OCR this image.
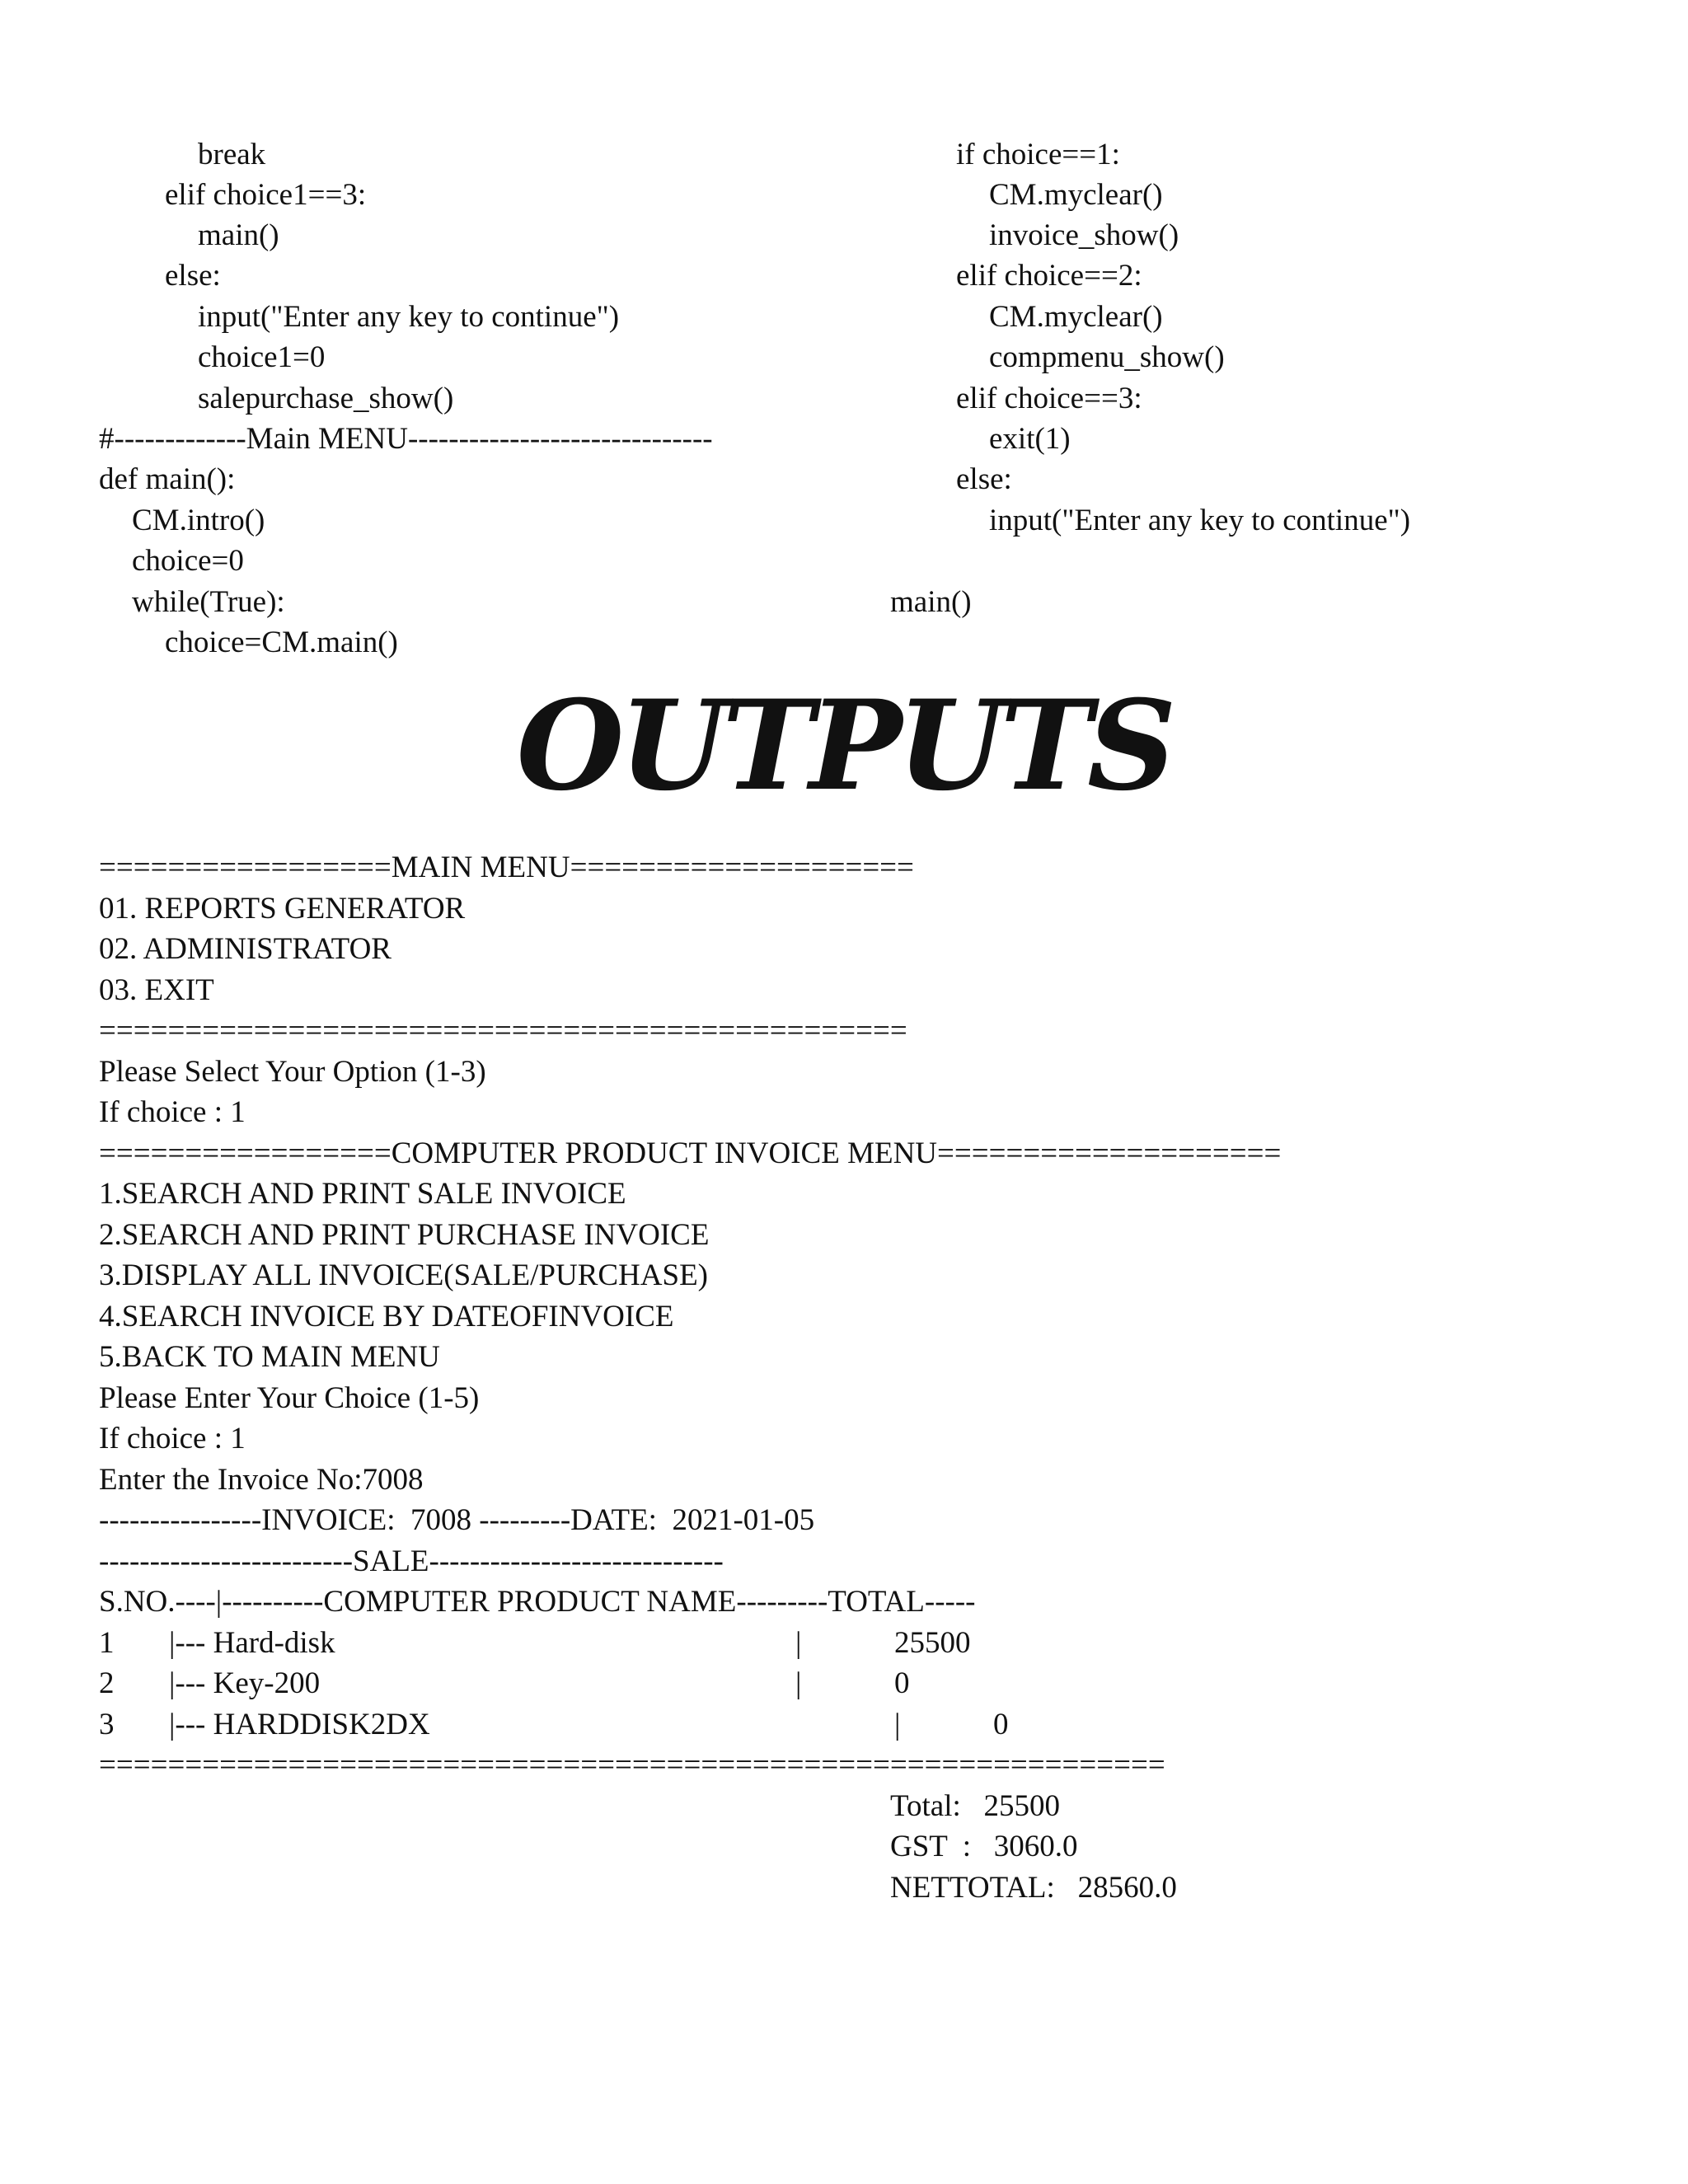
break
elif choice1==3:
main()
else:
input("Enter any key to continue")
choice1=0
salepurchase_show()
#-------------Main MENU------------------------------
def main():
CM.intro()
choice=0
while(True):
choice=CM.main()
if choice==1:
CM.myclear()
invoice_show()
elif choice==2:
CM.myclear()
compmenu_show()
elif choice==3:
exit(1)
else:
input("Enter any key to continue")
main()
OUTPUTS
=================MAIN MENU====================
01. REPORTS GENERATOR
02. ADMINISTRATOR
03. EXIT
===============================================
Please Select Your Option (1-3)
If choice : 1
=================COMPUTER PRODUCT INVOICE MENU====================
1.SEARCH AND PRINT SALE INVOICE
2.SEARCH AND PRINT PURCHASE INVOICE
3.DISPLAY ALL INVOICE(SALE/PURCHASE)
4.SEARCH INVOICE BY DATEOFINVOICE
5.BACK TO MAIN MENU
Please Enter Your Choice (1-5)
If choice : 1
Enter the Invoice No:7008
----------------INVOICE:  7008 ---------DATE:  2021-01-05
-------------------------SALE-----------------------------
S.NO.----|----------COMPUTER PRODUCT NAME---------TOTAL-----
1 |--- Hard-disk	|	25500
2 |--- Key-200	|	0
3 |--- HARDDISK2DX	|	0
==============================================================
Total:   25500
GST  :   3060.0
NETTOTAL:   28560.0
